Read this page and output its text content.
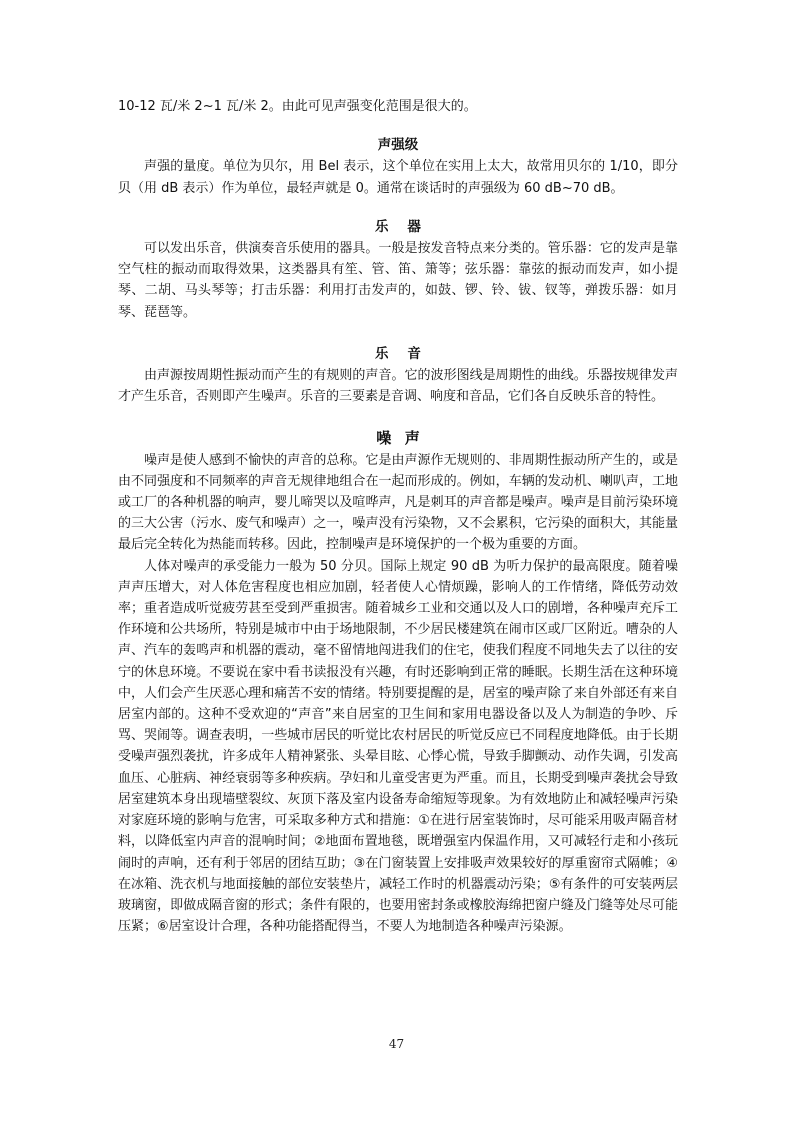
10-12 瓦/米 2~1 瓦/米 2。由此可见声强变化范围是很大的。

声强级

声强的量度。单位为贝尔，用 Bel 表示，这个单位在实用上太大，故常用贝尔的 1/10，即分贝（用 dB 表示）作为单位，最轻声就是 0。通常在谈话时的声强级为 60 dB~70 dB。

乐器

可以发出乐音，供演奏音乐使用的器具。一般是按发音特点来分类的。管乐器：它的发声是靠空气柱的振动而取得效果，这类器具有笙、管、笛、箫等；弦乐器：靠弦的振动而发声，如小提琴、二胡、马头琴等；打击乐器：利用打击发声的，如鼓、锣、铃、钹、钗等，弹拨乐器：如月琴、琵琶等。

乐音

由声源按周期性振动而产生的有规则的声音。它的波形图线是周期性的曲线。乐器按规律发声才产生乐音，否则即产生噪声。乐音的三要素是音调、响度和音品，它们各自反映乐音的特性。

噪声

噪声是使人感到不愉快的声音的总称。它是由声源作无规则的、非周期性振动所产生的，或是由不同强度和不同频率的声音无规律地组合在一起而形成的。例如，车辆的发动机、喇叭声，工地或工厂的各种机器的响声，婴儿啼哭以及喧哗声，凡是刺耳的声音都是噪声。噪声是目前污染环境的三大公害（污水、废气和噪声）之一，噪声没有污染物，又不会累积，它污染的面积大，其能量最后完全转化为热能而转移。因此，控制噪声是环境保护的一个极为重要的方面。

人体对噪声的承受能力一般为 50 分贝。国际上规定 90 dB 为听力保护的最高限度。随着噪声声压增大，对人体危害程度也相应加剧，轻者使人心情烦躁，影响人的工作情绪，降低劳动效率；重者造成听觉疲劳甚至受到严重损害。随着城乡工业和交通以及人口的剧增，各种噪声充斥工作环境和公共场所，特别是城市中由于场地限制，不少居民楼建筑在闹市区或厂区附近。嘈杂的人声、汽车的轰鸣声和机器的震动，毫不留情地闯进我们的住宅，使我们程度不同地失去了以往的安宁的休息环境。不要说在家中看书读报没有兴趣，有时还影响到正常的睡眠。长期生活在这种环境中，人们会产生厌恶心理和痛苦不安的情绪。特别要提醒的是，居室的噪声除了来自外部还有来自居室内部的。这种不受欢迎的“声音”来自居室的卫生间和家用电器设备以及人为制造的争吵、斥骂、哭闹等。调查表明，一些城市居民的听觉比农村居民的听觉反应已不同程度地降低。由于长期受噪声强烈袭扰，许多成年人精神紧张、头晕目眩、心悸心慌，导致手脚颤动、动作失调，引发高血压、心脏病、神经衰弱等多种疾病。孕妇和儿童受害更为严重。而且，长期受到噪声袭扰会导致居室建筑本身出现墙壁裂纹、灰顶下落及室内设备寿命缩短等现象。为有效地防止和减轻噪声污染对家庭环境的影响与危害，可采取多种方式和措施：①在进行居室装饰时，尽可能采用吸声隔音材料，以降低室内声音的混响时间；②地面布置地毯，既增强室内保温作用，又可减轻行走和小孩玩闹时的声响，还有利于邻居的团结互助；③在门窗装置上安排吸声效果较好的厚重窗帘式隔帷；④在冰箱、洗衣机与地面接触的部位安装垫片，减轻工作时的机器震动污染；⑤有条件的可安装两层玻璃窗，即做成隔音窗的形式；条件有限的，也要用密封条或橡胶海绵把窗户缝及门缝等处尽可能压紧；⑥居室设计合理，各种功能搭配得当，不要人为地制造各种噪声污染源。

47
